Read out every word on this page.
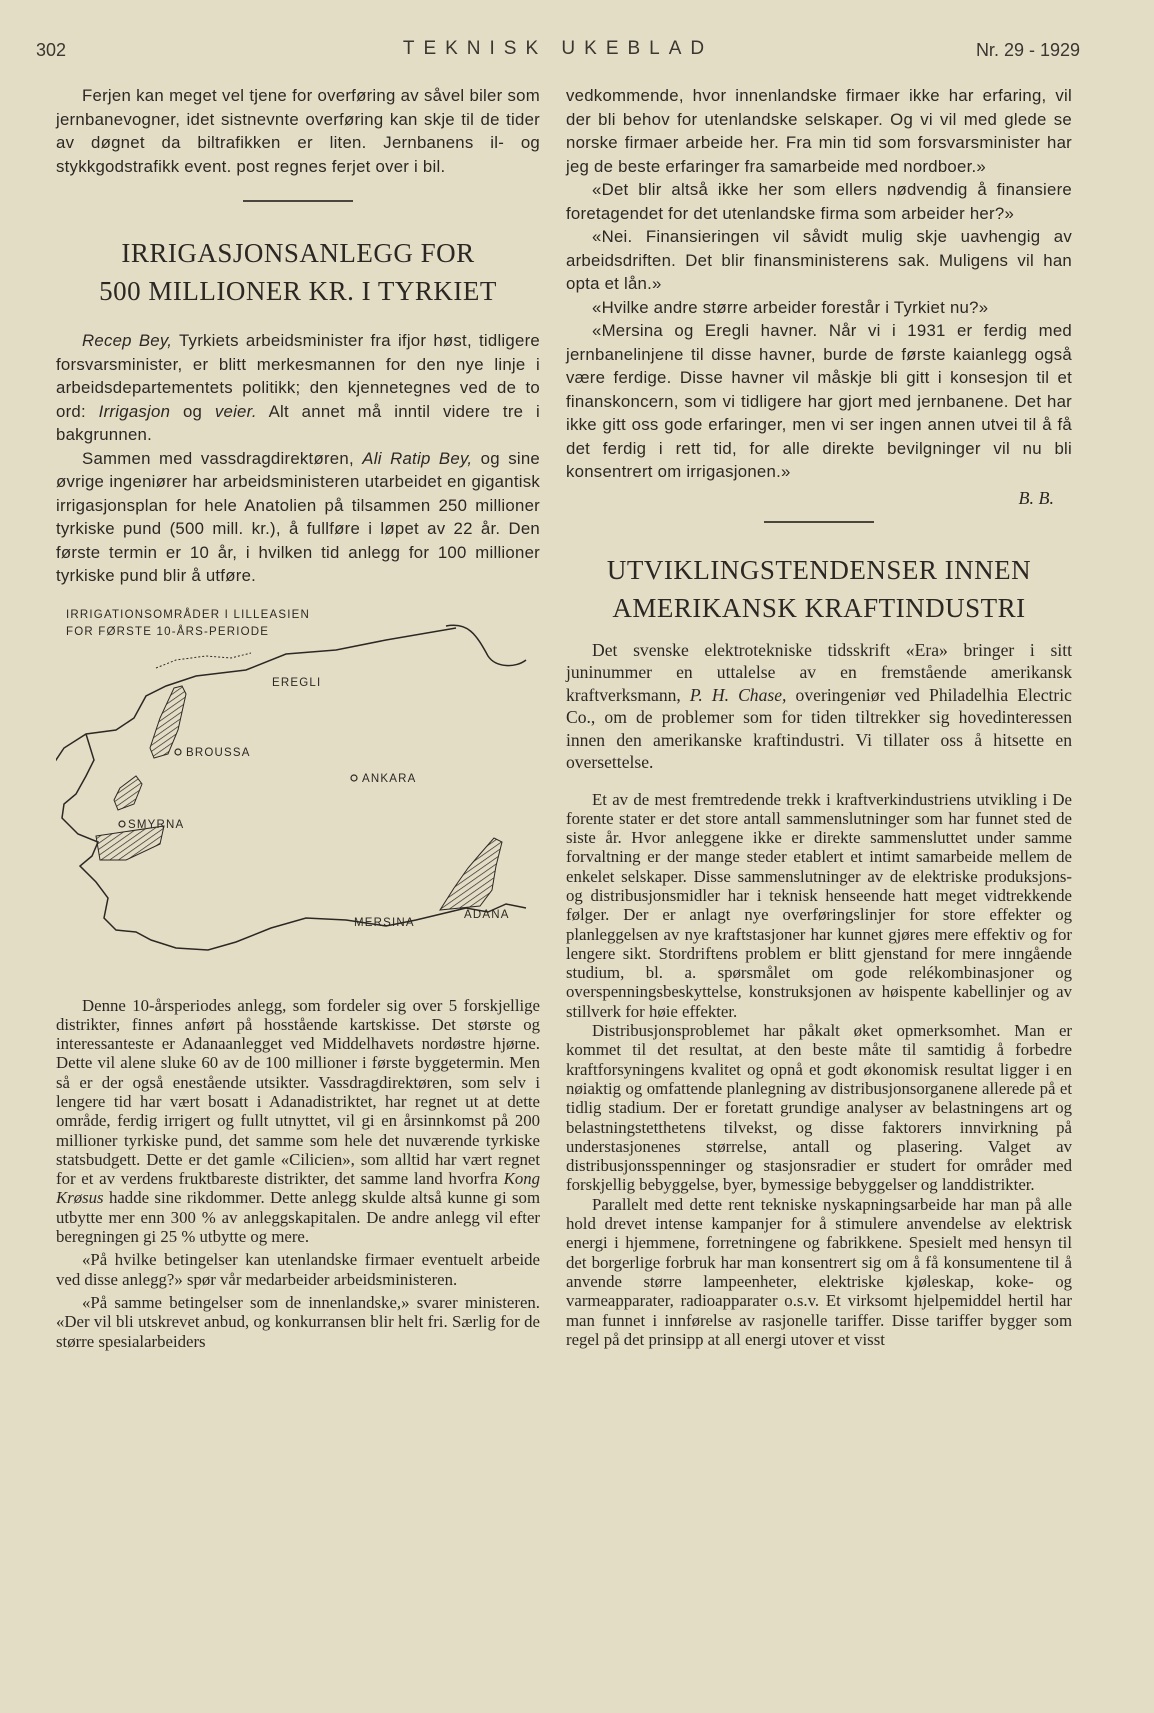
302	TEKNISK UKEBLAD	Nr. 29 - 1929

Ferjen kan meget vel tjene for overføring av såvel biler som jernbanevogner, idet sistnevnte overføring kan skje til de tider av døgnet da biltrafikken er liten. Jernbanens il- og stykkgodstrafikk event. post regnes ferjet over i bil.

IRRIGASJONSANLEGG FOR
500 MILLIONER KR. I TYRKIET

Recep Bey, Tyrkiets arbeidsminister fra ifjor høst, tidligere forsvarsminister, er blitt merkesmannen for den nye linje i arbeidsdepartementets politikk; den kjennetegnes ved de to ord: Irrigasjon og veier. Alt annet må inntil videre tre i bakgrunnen.

Sammen med vassdragdirektøren, Ali Ratip Bey, og sine øvrige ingeniører har arbeidsministeren utarbeidet en gigantisk irrigasjonsplan for hele Anatolien på tilsammen 250 millioner tyrkiske pund (500 mill. kr.), å fullføre i løpet av 22 år. Den første termin er 10 år, i hvilken tid anlegg for 100 millioner tyrkiske pund blir å utføre.

IRRIGATIONSOMRÅDER I LILLEASIEN
FOR FØRSTE 10-ÅRS-PERIODE
BROUSSA
ANKARA
EREGLI
SMYRNA
MERSINA
ADANA

Denne 10-årsperiodes anlegg, som fordeler sig over 5 forskjellige distrikter, finnes anført på hosstående kartskisse. Det største og interessanteste er Adanaanlegget ved Middelhavets nordøstre hjørne. Dette vil alene sluke 60 av de 100 millioner i første byggetermin. Men så er der også enestående utsikter. Vassdragdirektøren, som selv i lengere tid har vært bosatt i Adanadistriktet, har regnet ut at dette område, ferdig irrigert og fullt utnyttet, vil gi en årsinnkomst på 200 millioner tyrkiske pund, det samme som hele det nuværende tyrkiske statsbudgett. Dette er det gamle «Cilicien», som alltid har vært regnet for et av verdens fruktbareste distrikter, det samme land hvorfra Kong Krøsus hadde sine rikdommer. Dette anlegg skulde altså kunne gi som utbytte mer enn 300 % av anleggskapitalen. De andre anlegg vil efter beregningen gi 25 % utbytte og mere.

«På hvilke betingelser kan utenlandske firmaer eventuelt arbeide ved disse anlegg?» spør vår medarbeider arbeidsministeren.

«På samme betingelser som de innenlandske,» svarer ministeren. «Der vil bli utskrevet anbud, og konkurransen blir helt fri. Særlig for de større spesialarbeiders

vedkommende, hvor innenlandske firmaer ikke har erfaring, vil der bli behov for utenlandske selskaper. Og vi vil med glede se norske firmaer arbeide her. Fra min tid som forsvarsminister har jeg de beste erfaringer fra samarbeide med nordboer.»

«Det blir altså ikke her som ellers nødvendig å finansiere foretagendet for det utenlandske firma som arbeider her?»

«Nei. Finansieringen vil såvidt mulig skje uavhengig av arbeidsdriften. Det blir finansministerens sak. Muligens vil han opta et lån.»

«Hvilke andre større arbeider forestår i Tyrkiet nu?»

«Mersina og Eregli havner. Når vi i 1931 er ferdig med jernbanelinjene til disse havner, burde de første kaianlegg også være ferdige. Disse havner vil måskje bli gitt i konsesjon til et finanskoncern, som vi tidligere har gjort med jernbanene. Det har ikke gitt oss gode erfaringer, men vi ser ingen annen utvei til å få det ferdig i rett tid, for alle direkte bevilgninger vil nu bli konsentrert om irrigasjonen.»

B. B.
UTVIKLINGSTENDENSER INNEN
AMERIKANSK KRAFTINDUSTRI

Det svenske elektrotekniske tidsskrift «Era» bringer i sitt juninummer en uttalelse av en fremstående amerikansk kraftverksmann, P. H. Chase, overingeniør ved Philadelhia Electric Co., om de problemer som for tiden tiltrekker sig hovedinteressen innen den amerikanske kraftindustri. Vi tillater oss å hitsette en oversettelse.

Et av de mest fremtredende trekk i kraftverkindustriens utvikling i De forente stater er det store antall sammenslutninger som har funnet sted de siste år. Hvor anleggene ikke er direkte sammensluttet under samme forvaltning er der mange steder etablert et intimt samarbeide mellem de enkelet selskaper. Disse sammenslutninger av de elektriske produksjons- og distribusjonsmidler har i teknisk henseende hatt meget vidtrekkende følger. Der er anlagt nye overføringslinjer for store effekter og planleggelsen av nye kraftstasjoner har kunnet gjøres mere effektiv og for lengere sikt. Stordriftens problem er blitt gjenstand for mere inngående studium, bl. a. spørsmålet om gode relékombinasjoner og overspenningsbeskyttelse, konstruksjonen av høispente kabellinjer og av stillverk for høie effekter.

Distribusjonsproblemet har påkalt øket opmerksomhet. Man er kommet til det resultat, at den beste måte til samtidig å forbedre kraftforsyningens kvalitet og opnå et godt økonomisk resultat ligger i en nøiaktig og omfattende planlegning av distribusjonsorganene allerede på et tidlig stadium. Der er foretatt grundige analyser av belastningens art og belastningstetthetens tilvekst, og disse faktorers innvirkning på understasjonenes størrelse, antall og plasering. Valget av distribusjonsspenninger og stasjonsradier er studert for områder med forskjellig bebyggelse, byer, bymessige bebyggelser og landdistrikter.

Parallelt med dette rent tekniske nyskapningsarbeide har man på alle hold drevet intense kampanjer for å stimulere anvendelse av elektrisk energi i hjemmene, forretningene og fabrikkene. Spesielt med hensyn til det borgerlige forbruk har man konsentrert sig om å få konsumentene til å anvende større lampeenheter, elektriske kjøleskap, koke- og varmeapparater, radioapparater o.s.v. Et virksomt hjelpemiddel hertil har man funnet i innførelse av rasjonelle tariffer. Disse tariffer bygger som regel på det prinsipp at all energi utover et visst
